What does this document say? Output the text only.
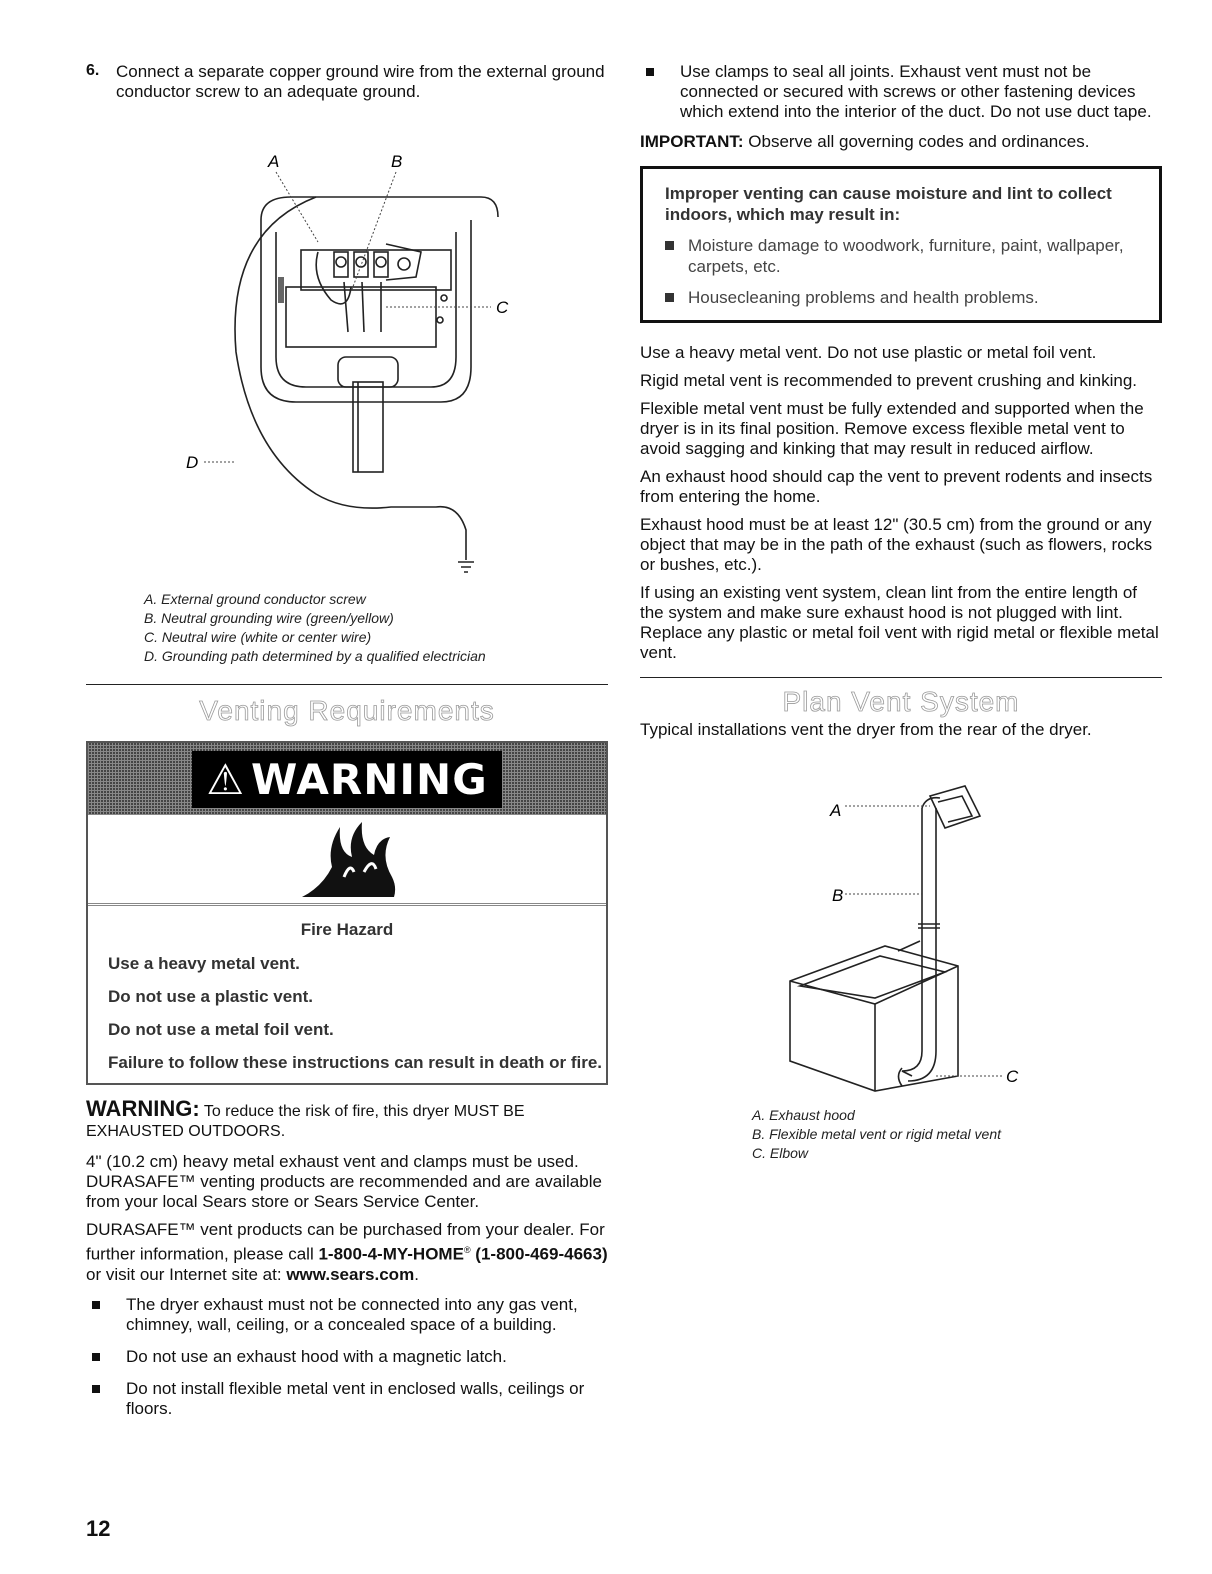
6. Connect a separate copper ground wire from the external ground conductor screw to an adequate ground.

A	B
C
D
A. External ground conductor screw
B. Neutral grounding wire (green/yellow)
C. Neutral wire (white or center wire)
D. Grounding path determined by a qualified electrician
Venting Requirements
⚠ WARNING
Fire Hazard

Use a heavy metal vent.

Do not use a plastic vent.

Do not use a metal foil vent.

Failure to follow these instructions can result in death or fire.

WARNING: To reduce the risk of fire, this dryer MUST BE EXHAUSTED OUTDOORS.

4" (10.2 cm) heavy metal exhaust vent and clamps must be used. DURASAFE™ venting products are recommended and are available from your local Sears store or Sears Service Center.

DURASAFE™ vent products can be purchased from your dealer. For further information, please call 1-800-4-MY-HOME® (1-800-469-4663) or visit our Internet site at: www.sears.com.

The dryer exhaust must not be connected into any gas vent, chimney, wall, ceiling, or a concealed space of a building.
Do not use an exhaust hood with a magnetic latch.
Do not install flexible metal vent in enclosed walls, ceilings or floors.
Use clamps to seal all joints. Exhaust vent must not be connected or secured with screws or other fastening devices which extend into the interior of the duct. Do not use duct tape.

IMPORTANT: Observe all governing codes and ordinances.

Improper venting can cause moisture and lint to collect indoors, which may result in:
Moisture damage to woodwork, furniture, paint, wallpaper, carpets, etc.
Housecleaning problems and health problems.

Use a heavy metal vent. Do not use plastic or metal foil vent.

Rigid metal vent is recommended to prevent crushing and kinking.

Flexible metal vent must be fully extended and supported when the dryer is in its final position. Remove excess flexible metal vent to avoid sagging and kinking that may result in reduced airflow.

An exhaust hood should cap the vent to prevent rodents and insects from entering the home.

Exhaust hood must be at least 12" (30.5 cm) from the ground or any object that may be in the path of the exhaust (such as flowers, rocks or bushes, etc.).

If using an existing vent system, clean lint from the entire length of the system and make sure exhaust hood is not plugged with lint. Replace any plastic or metal foil vent with rigid metal or flexible metal vent.

Plan Vent System

Typical installations vent the dryer from the rear of the dryer.

A
B
C
A. Exhaust hood
B. Flexible metal vent or rigid metal vent
C. Elbow
12
